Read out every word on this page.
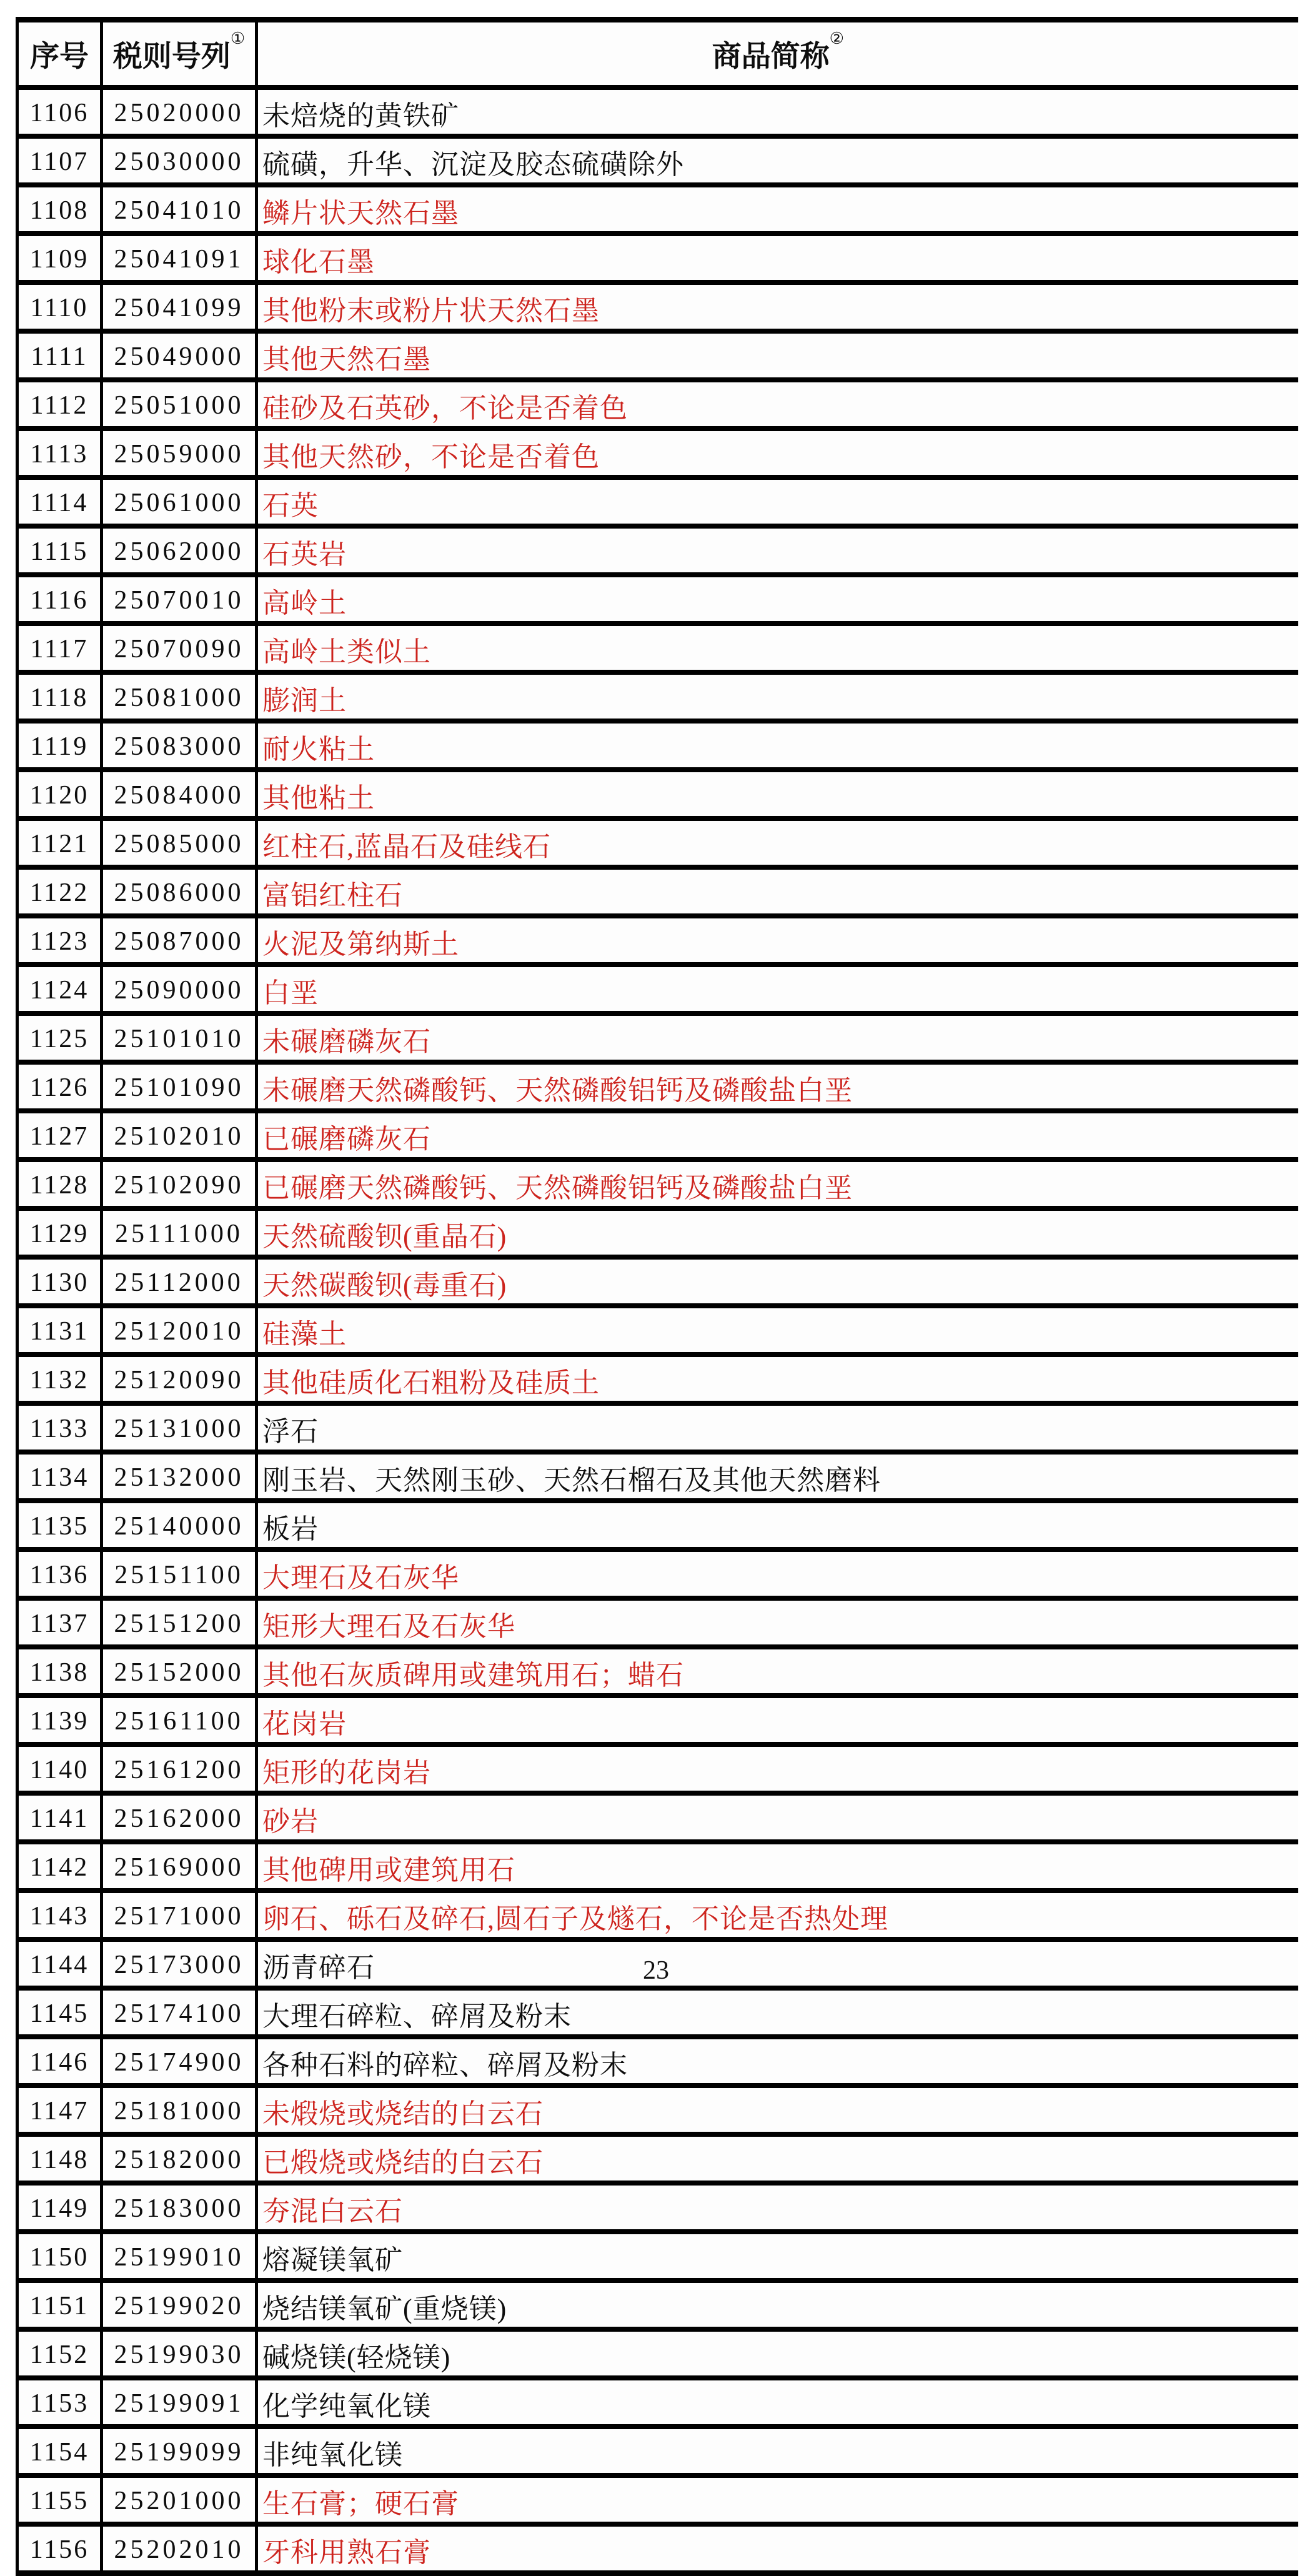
序号	税则号列①	商品简称②
1106	25020000	未焙烧的黄铁矿
1107	25030000	硫磺，升华、沉淀及胶态硫磺除外
1108	25041010	鳞片状天然石墨
1109	25041091	球化石墨
1110	25041099	其他粉末或粉片状天然石墨
1111	25049000	其他天然石墨
1112	25051000	硅砂及石英砂，不论是否着色
1113	25059000	其他天然砂，不论是否着色
1114	25061000	石英
1115	25062000	石英岩
1116	25070010	高岭土
1117	25070090	高岭土类似土
1118	25081000	膨润土
1119	25083000	耐火粘土
1120	25084000	其他粘土
1121	25085000	红柱石,蓝晶石及硅线石
1122	25086000	富铝红柱石
1123	25087000	火泥及第纳斯土
1124	25090000	白垩
1125	25101010	未碾磨磷灰石
1126	25101090	未碾磨天然磷酸钙、天然磷酸铝钙及磷酸盐白垩
1127	25102010	已碾磨磷灰石
1128	25102090	已碾磨天然磷酸钙、天然磷酸铝钙及磷酸盐白垩
1129	25111000	天然硫酸钡(重晶石)
1130	25112000	天然碳酸钡(毒重石)
1131	25120010	硅藻土
1132	25120090	其他硅质化石粗粉及硅质土
1133	25131000	浮石
1134	25132000	刚玉岩、天然刚玉砂、天然石榴石及其他天然磨料
1135	25140000	板岩
1136	25151100	大理石及石灰华
1137	25151200	矩形大理石及石灰华
1138	25152000	其他石灰质碑用或建筑用石；蜡石
1139	25161100	花岗岩
1140	25161200	矩形的花岗岩
1141	25162000	砂岩
1142	25169000	其他碑用或建筑用石
1143	25171000	卵石、砾石及碎石,圆石子及燧石，不论是否热处理
1144	25173000	沥青碎石
1145	25174100	大理石碎粒、碎屑及粉末
1146	25174900	各种石料的碎粒、碎屑及粉末
1147	25181000	未煅烧或烧结的白云石
1148	25182000	已煅烧或烧结的白云石
1149	25183000	夯混白云石
1150	25199010	熔凝镁氧矿
1151	25199020	烧结镁氧矿(重烧镁)
1152	25199030	碱烧镁(轻烧镁)
1153	25199091	化学纯氧化镁
1154	25199099	非纯氧化镁
1155	25201000	生石膏；硬石膏
1156	25202010	牙科用熟石膏
23
